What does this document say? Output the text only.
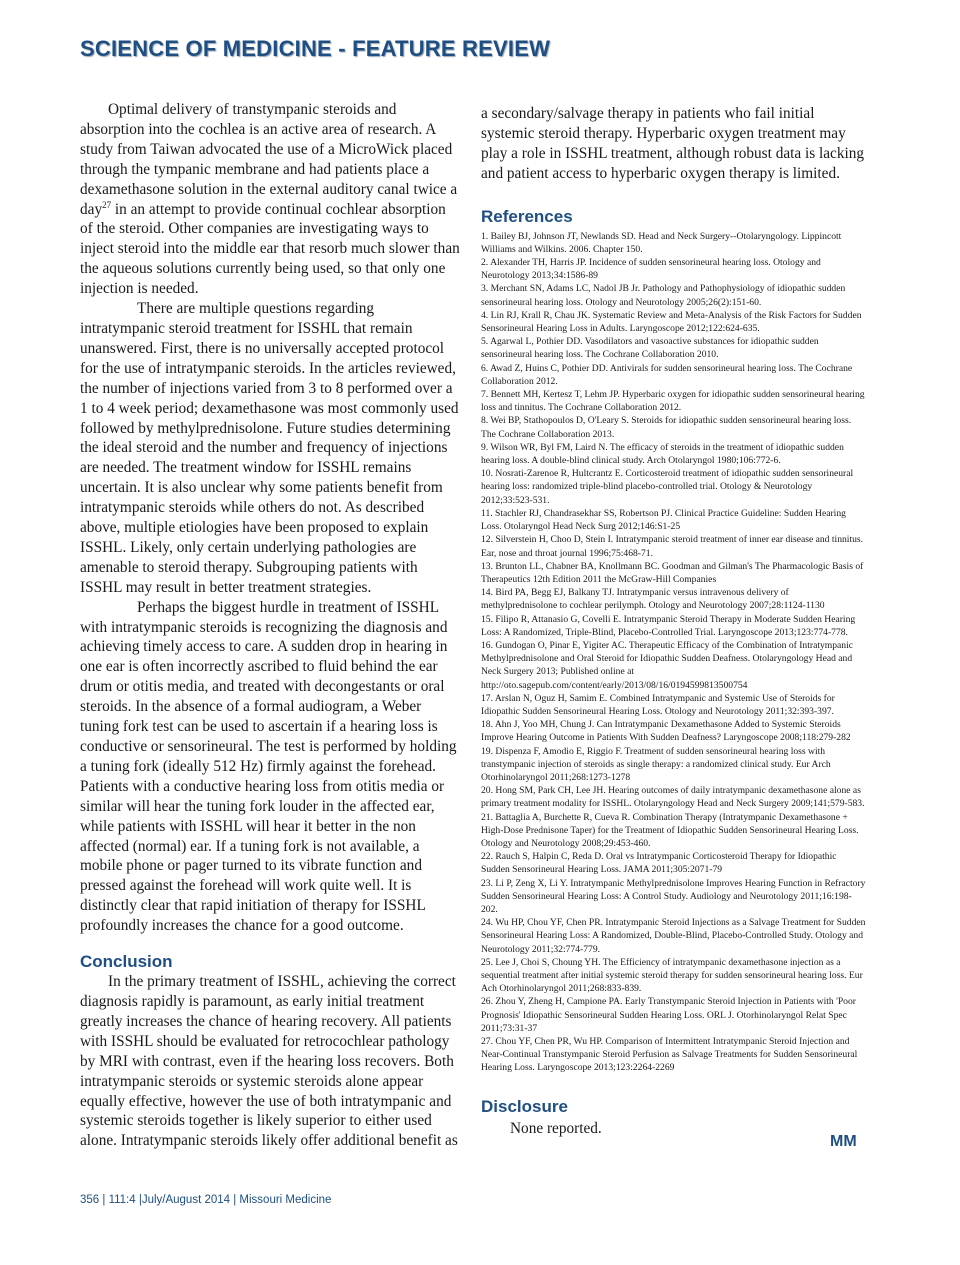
SCIENCE OF MEDICINE - FEATURE REVIEW

Optimal delivery of transtympanic steroids and absorption into the cochlea is an active area of research. A study from Taiwan advocated the use of a MicroWick placed through the tympanic membrane and had patients place a dexamethasone solution in the external auditory canal twice a day$^{27}$ in an attempt to provide continual cochlear absorption of the steroid. Other companies are investigating ways to inject steroid into the middle ear that resorb much slower than the aqueous solutions currently being used, so that only one injection is needed.

There are multiple questions regarding intratympanic steroid treatment for ISSHL that remain unanswered. First, there is no universally accepted protocol for the use of intratympanic steroids. In the articles reviewed, the number of injections varied from 3 to 8 performed over a 1 to 4 week period; dexamethasone was most commonly used followed by methylprednisolone. Future studies determining the ideal steroid and the number and frequency of injections are needed. The treatment window for ISSHL remains uncertain. It is also unclear why some patients benefit from intratympanic steroids while others do not. As described above, multiple etiologies have been proposed to explain ISSHL. Likely, only certain underlying pathologies are amenable to steroid therapy. Subgrouping patients with ISSHL may result in better treatment strategies.

Perhaps the biggest hurdle in treatment of ISSHL with intratympanic steroids is recognizing the diagnosis and achieving timely access to care. A sudden drop in hearing in one ear is often incorrectly ascribed to fluid behind the ear drum or otitis media, and treated with decongestants or oral steroids. In the absence of a formal audiogram, a Weber tuning fork test can be used to ascertain if a hearing loss is conductive or sensorineural. The test is performed by holding a tuning fork (ideally 512 Hz) firmly against the forehead. Patients with a conductive hearing loss from otitis media or similar will hear the tuning fork louder in the affected ear, while patients with ISSHL will hear it better in the non affected (normal) ear. If a tuning fork is not available, a mobile phone or pager turned to its vibrate function and pressed against the forehead will work quite well. It is distinctly clear that rapid initiation of therapy for ISSHL profoundly increases the chance for a good outcome.

Conclusion

In the primary treatment of ISSHL, achieving the correct diagnosis rapidly is paramount, as early initial treatment greatly increases the chance of hearing recovery. All patients with ISSHL should be evaluated for retrocochlear pathology by MRI with contrast, even if the hearing loss recovers. Both intratympanic steroids or systemic steroids alone appear equally effective, however the use of both intratympanic and systemic steroids together is likely superior to either used alone. Intratympanic steroids likely offer additional benefit as

a secondary/salvage therapy in patients who fail initial systemic steroid therapy. Hyperbaric oxygen treatment may play a role in ISSHL treatment, although robust data is lacking and patient access to hyperbaric oxygen therapy is limited.

References
1. Bailey BJ, Johnson JT, Newlands SD. Head and Neck Surgery--Otolaryngology. Lippincott Williams and Wilkins. 2006. Chapter 150.
2. Alexander TH, Harris JP. Incidence of sudden sensorineural hearing loss. Otology and Neurotology 2013;34:1586-89
3. Merchant SN, Adams LC, Nadol JB Jr. Pathology and Pathophysiology of idiopathic sudden sensorineural hearing loss. Otology and Neurotology 2005;26(2):151-60.
4. Lin RJ, Krall R, Chau JK. Systematic Review and Meta-Analysis of the Risk Factors for Sudden Sensorineural Hearing Loss in Adults. Laryngoscope 2012;122:624-635.
5. Agarwal L, Pothier DD. Vasodilators and vasoactive substances for idiopathic sudden sensorineural hearing loss. The Cochrane Collaboration 2010.
6. Awad Z, Huins C, Pothier DD. Antivirals for sudden sensorineural hearing loss. The Cochrane Collaboration 2012.
7. Bennett MH, Kertesz T, Lehm JP. Hyperbaric oxygen for idiopathic sudden sensorineural hearing loss and tinnitus. The Cochrane Collaboration 2012.
8. Wei BP, Stathopoulos D, O'Leary S. Steroids for idiopathic sudden sensorineural hearing loss. The Cochrane Collaboration 2013.
9. Wilson WR, Byl FM, Laird N. The efficacy of steroids in the treatment of idiopathic sudden hearing loss. A double-blind clinical study. Arch Otolaryngol 1980;106:772-6.
10. Nosrati-Zarenoe R, Hultcrantz E. Corticosteroid treatment of idiopathic sudden sensorineural hearing loss: randomized triple-blind placebo-controlled trial. Otology & Neurotology 2012;33:523-531.
11. Stachler RJ, Chandrasekhar SS, Robertson PJ. Clinical Practice Guideline: Sudden Hearing Loss. Otolaryngol Head Neck Surg 2012;146:S1-25
12. Silverstein H, Choo D, Stein I. Intratympanic steroid treatment of inner ear disease and tinnitus. Ear, nose and throat journal 1996;75:468-71.
13. Brunton LL, Chabner BA, Knollmann BC. Goodman and Gilman's The Pharmacologic Basis of Therapeutics 12th Edition 2011 the McGraw-Hill Companies
14. Bird PA, Begg EJ, Balkany TJ. Intratympanic versus intravenous delivery of methylprednisolone to cochlear perilymph. Otology and Neurotology 2007;28:1124-1130
15. Filipo R, Attanasio G, Covelli E. Intratympanic Steroid Therapy in Moderate Sudden Hearing Loss: A Randomized, Triple-Blind, Placebo-Controlled Trial. Laryngoscope 2013;123:774-778.
16. Gundogan O, Pinar E, Yigiter AC. Therapeutic Efficacy of the Combination of Intratympanic Methylprednisolone and Oral Steroid for Idiopathic Sudden Deafness. Otolaryngology Head and Neck Surgery 2013; Published online at http://oto.sagepub.com/content/early/2013/08/16/0194599813500754
17. Arslan N, Oguz H, Samim E. Combined Intratympanic and Systemic Use of Steroids for Idiopathic Sudden Sensorineural Hearing Loss. Otology and Neurotology 2011;32:393-397.
18. Ahn J, Yoo MH, Chung J. Can Intratympanic Dexamethasone Added to Systemic Steroids Improve Hearing Outcome in Patients With Sudden Deafness? Laryngoscope 2008;118:279-282
19. Dispenza F, Amodio E, Riggio F. Treatment of sudden sensorineural hearing loss with transtympanic injection of steroids as single therapy: a randomized clinical study. Eur Arch Otorhinolaryngol 2011;268:1273-1278
20. Hong SM, Park CH, Lee JH. Hearing outcomes of daily intratympanic dexamethasone alone as primary treatment modality for ISSHL. Otolaryngology Head and Neck Surgery 2009;141;579-583.
21. Battaglia A, Burchette R, Cueva R. Combination Therapy (Intratympanic Dexamethasone + High-Dose Prednisone Taper) for the Treatment of Idiopathic Sudden Sensorineural Hearing Loss. Otology and Neurotology 2008;29:453-460.
22. Rauch S, Halpin C, Reda D. Oral vs Intratympanic Corticosteroid Therapy for Idiopathic Sudden Sensorineural Hearing Loss. JAMA 2011;305:2071-79
23. Li P, Zeng X, Li Y. Intratympanic Methylprednisolone Improves Hearing Function in Refractory Sudden Sensorineural Hearing Loss: A Control Study. Audiology and Neurotology 2011;16:198-202.
24. Wu HP, Chou YF, Chen PR. Intratympanic Steroid Injections as a Salvage Treatment for Sudden Sensorineural Hearing Loss: A Randomized, Double-Blind, Placebo-Controlled Study. Otology and Neurotology 2011;32:774-779.
25. Lee J, Choi S, Choung YH. The Efficiency of intratympanic dexamethasone injection as a sequential treatment after initial systemic steroid therapy for sudden sensorineural hearing loss. Eur Ach Otorhinolaryngol 2011;268:833-839.
26. Zhou Y, Zheng H, Campione PA. Early Transtympanic Steroid Injection in Patients with 'Poor Prognosis' Idiopathic Sensorineural Sudden Hearing Loss. ORL J. Otorhinolaryngol Relat Spec 2011;73:31-37
27. Chou YF, Chen PR, Wu HP. Comparison of Intermittent Intratympanic Steroid Injection and Near-Continual Transtympanic Steroid Perfusion as Salvage Treatments for Sudden Sensorineural Hearing Loss. Laryngoscope 2013;123:2264-2269
Disclosure

None reported.

MM
356 | 111:4 |July/August 2014 | Missouri Medicine
